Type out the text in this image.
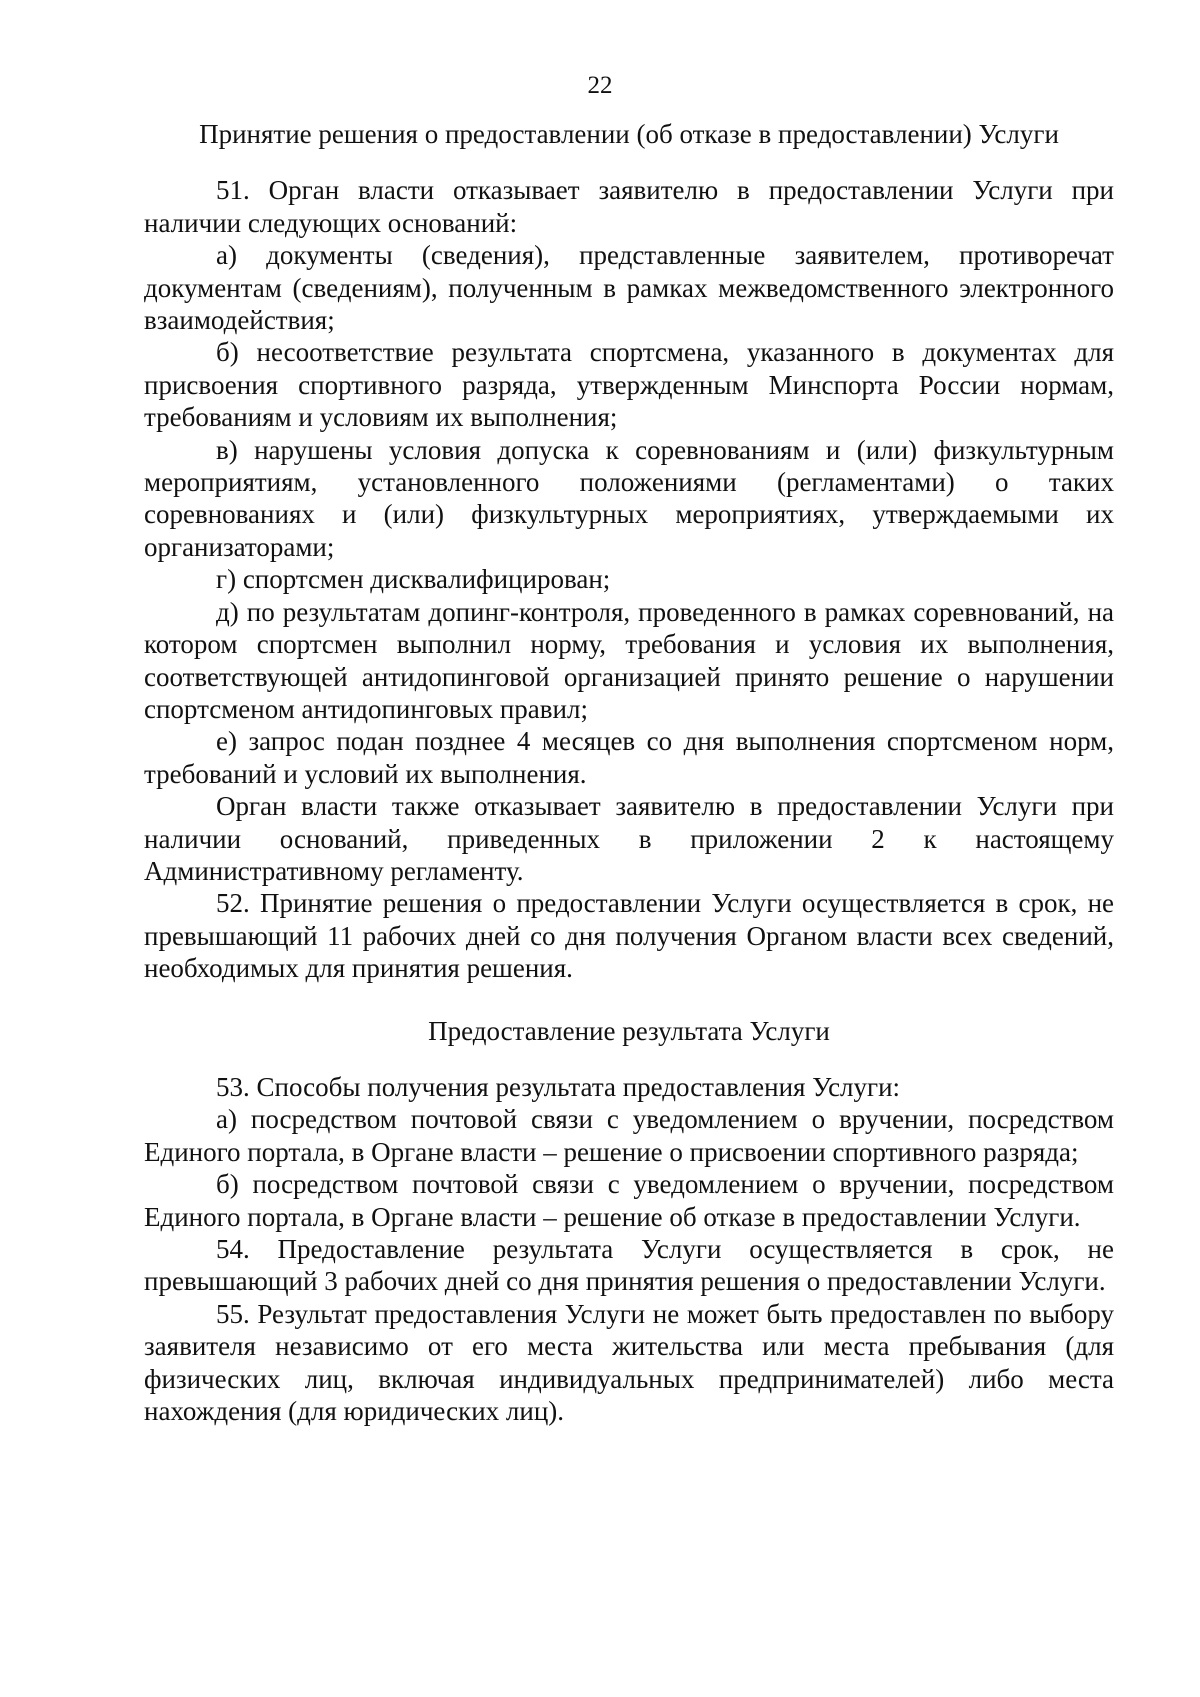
22
Принятие решения о предоставлении (об отказе в предоставлении) Услуги

51. Орган власти отказывает заявителю в предоставлении Услуги при наличии следующих оснований:

а) документы (сведения), представленные заявителем, противоречат документам (сведениям), полученным в рамках межведомственного электронного взаимодействия;

б) несоответствие результата спортсмена, указанного в документах для присвоения спортивного разряда, утвержденным Минспорта России нормам, требованиям и условиям их выполнения;

в) нарушены условия допуска к соревнованиям и (или) физкультурным мероприятиям, установленного положениями (регламентами) о таких соревнованиях и (или) физкультурных мероприятиях, утверждаемыми их организаторами;

г) спортсмен дисквалифицирован;

д) по результатам допинг-контроля, проведенного в рамках соревнований, на котором спортсмен выполнил норму, требования и условия их выполнения, соответствующей антидопинговой организацией принято решение о нарушении спортсменом антидопинговых правил;

е) запрос подан позднее 4 месяцев со дня выполнения спортсменом норм, требований и условий их выполнения.

Орган власти также отказывает заявителю в предоставлении Услуги при наличии оснований, приведенных в приложении 2 к настоящему Административному регламенту.

52. Принятие решения о предоставлении Услуги осуществляется в срок, не превышающий 11 рабочих дней со дня получения Органом власти всех сведений, необходимых для принятия решения.

Предоставление результата Услуги

53. Способы получения результата предоставления Услуги:

а) посредством почтовой связи с уведомлением о вручении, посредством Единого портала, в Органе власти – решение о присвоении спортивного разряда;

б) посредством почтовой связи с уведомлением о вручении, посредством Единого портала, в Органе власти – решение об отказе в предоставлении Услуги.

54. Предоставление результата Услуги осуществляется в срок, не превышающий 3 рабочих дней со дня принятия решения о предоставлении Услуги.

55. Результат предоставления Услуги не может быть предоставлен по выбору заявителя независимо от его места жительства или места пребывания (для физических лиц, включая индивидуальных предпринимателей) либо места нахождения (для юридических лиц).
